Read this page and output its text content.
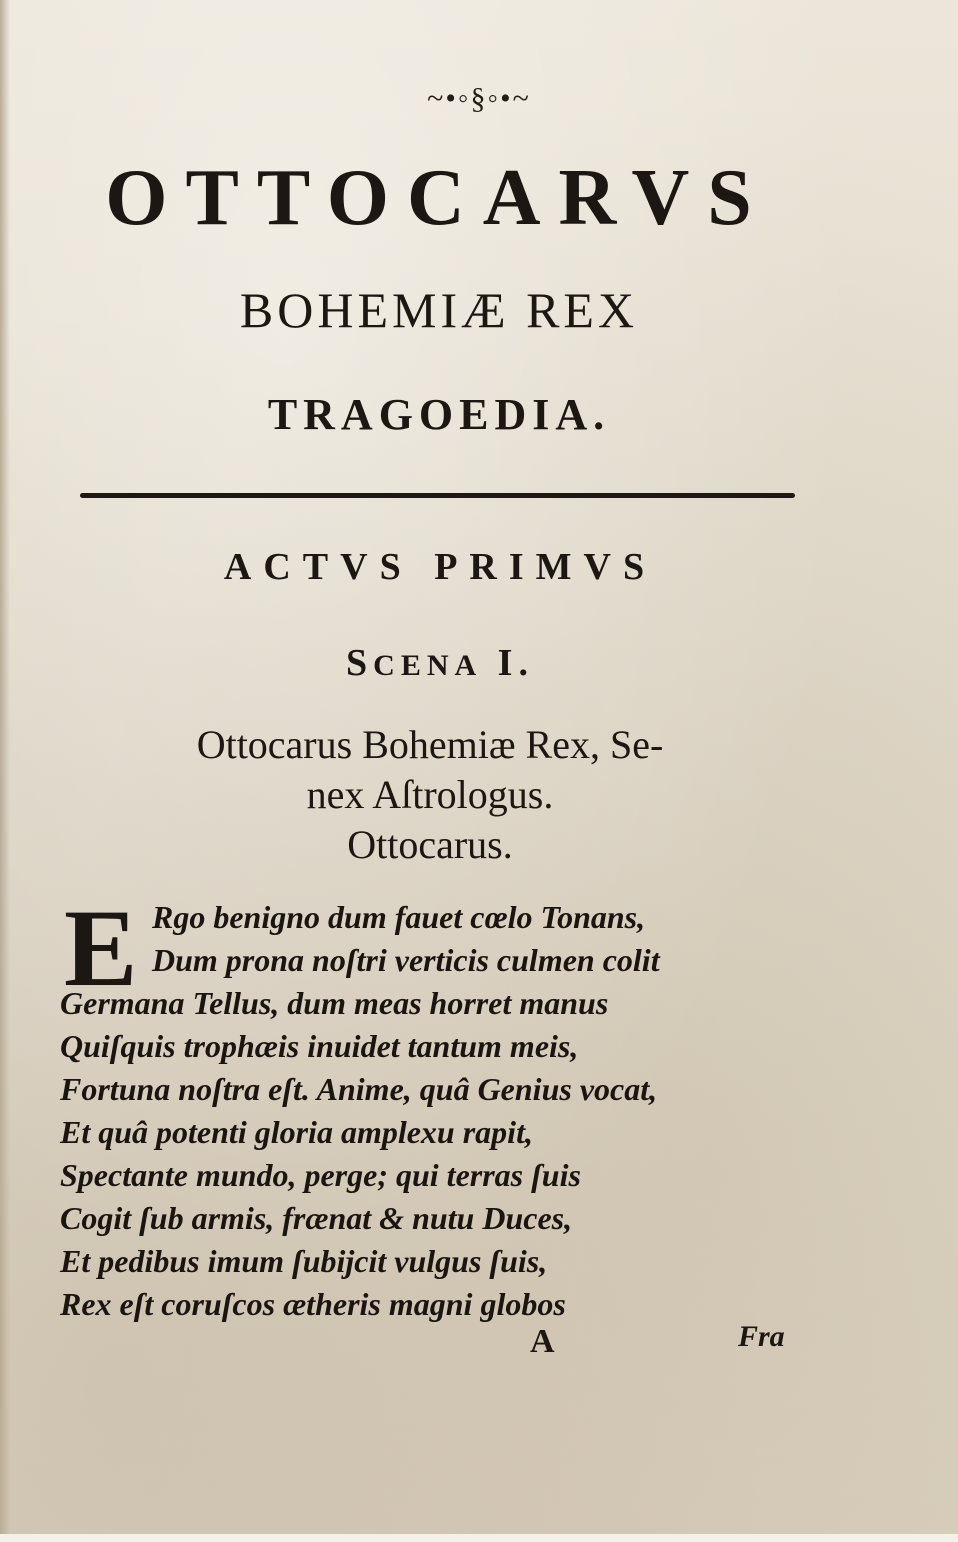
~•◦§◦•~
OTTOCARVS
BOHEMIÆ REX
TRAGOEDIA.
ACTVS PRIMVS
SCENA I.
Ottocarus Bohemiæ Rex, Se-
nex Aſtrologus.
Ottocarus.
E Rgo benigno dum fauet cœlo Tonans,
Dum prona noſtri verticis culmen colit
Germana Tellus, dum meas horret manus
Quiſquis trophæis inuidet tantum meis,
Fortuna noſtra eſt. Anime, quâ Genius vocat,
Et quâ potenti gloria amplexu rapit,
Spectante mundo, perge; qui terras ſuis
Cogit ſub armis, frænat & nutu Duces,
Et pedibus imum ſubijcit vulgus ſuis,
Rex eſt coruſcos ætheris magni globos
A	Fra
